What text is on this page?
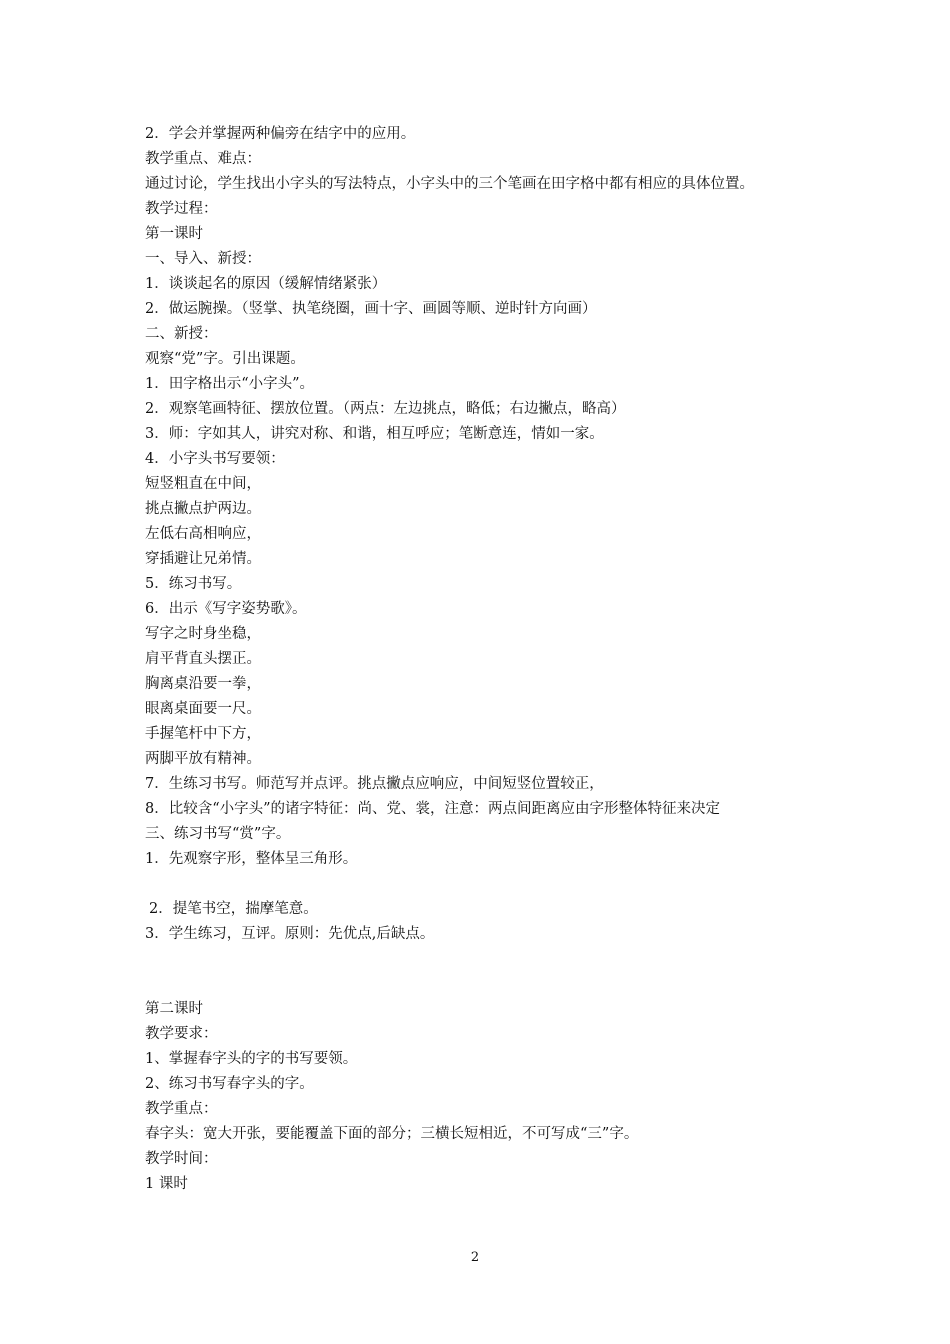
2．学会并掌握两种偏旁在结字中的应用。
教学重点、难点：
通过讨论，学生找出小字头的写法特点，小字头中的三个笔画在田字格中都有相应的具体位置。
教学过程：
第一课时
一、导入、新授：
1．谈谈起名的原因（缓解情绪紧张）
2．做运腕操。（竖掌、执笔绕圈，画十字、画圆等顺、逆时针方向画）
二、新授：
观察“党”字。引出课题。
1．田字格出示“小字头”。
2．观察笔画特征、摆放位置。（两点：左边挑点，略低；右边撇点，略高）
3．师：字如其人，讲究对称、和谐，相互呼应；笔断意连，情如一家。
4．小字头书写要领：
短竖粗直在中间，
挑点撇点护两边。
左低右高相响应，
穿插避让兄弟情。
5．练习书写。
6．出示《写字姿势歌》。
写字之时身坐稳，
肩平背直头摆正。
胸离桌沿要一拳，
眼离桌面要一尺。
手握笔杆中下方，
两脚平放有精神。
7．生练习书写。师范写并点评。挑点撇点应响应，中间短竖位置较正，
8．比较含“小字头”的诸字特征：尚、党、裳，注意：两点间距离应由字形整体特征来决定
三、练习书写“赏”字。
1．先观察字形，整体呈三角形。
2．提笔书空，揣摩笔意。
3．学生练习，互评。原则：先优点,后缺点。
第二课时
教学要求：
1、掌握春字头的字的书写要领。
2、练习书写春字头的字。
教学重点：
春字头：宽大开张，要能覆盖下面的部分；三横长短相近，不可写成“三”字。
教学时间：
1 课时
2
